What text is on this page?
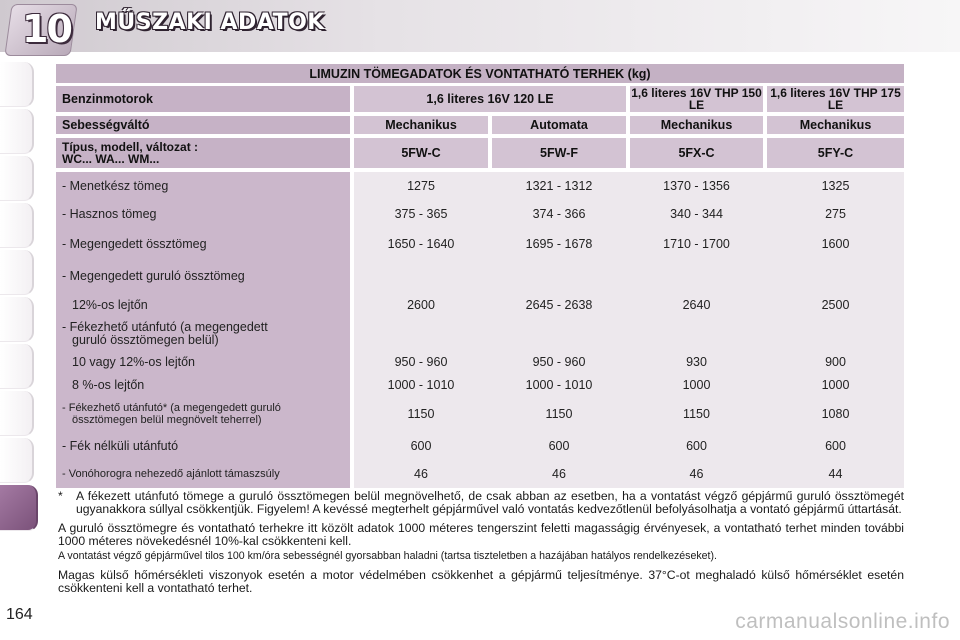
10 MŰSZAKI ADATOK
164
LIMUZIN TÖMEGADATOK ÉS VONTATHATÓ TERHEK (kg)				
Benzinmotorok	1,6 literes 16V 120 LE		1,6 literes 16V THP 150 LE	1,6 literes 16V THP 175 LE
Sebességváltó	Mechanikus	Automata	Mechanikus	Mechanikus
Típus, modell, változat :
WC... WA... WM...	5FW-C	5FW-F	5FX-C	5FY-C
- Menetkész tömeg	1275	1321 - 1312	1370 - 1356	1325
- Hasznos tömeg	375 - 365	374 - 366	340 - 344	275
- Megengedett össztömeg	1650 - 1640	1695 - 1678	1710 - 1700	1600
- Megengedett guruló össztömeg				
12%-os lejtőn	2600	2645 - 2638	2640	2500
- Fékezhető utánfutó (a megengedett
guruló össztömegen belül)				

10 vagy 12%-os lejtőn	950 - 960	950 - 960	930	900
8 %-os lejtőn	1000 - 1010	1000 - 1010	1000	1000
- Fékezhető utánfutó* (a megengedett guruló
össztömegen belül megnövelt teherrel)	1150	1150	1150	1080
- Fék nélküli utánfutó	600	600	600	600
- Vonóhorogra nehezedő ajánlott támaszsúly	46	46	46	44

*	A fékezett utánfutó tömege a guruló össztömegen belül megnövelhető, de csak abban az esetben, ha a vontatást végző gépjármű guruló össztömegét ugyanakkora súllyal csökkentjük. Figyelem! A kevéssé megterhelt gépjárművel való vontatás kedvezőtlenül befolyásolhatja a vontató gépjármű úttartását.

A guruló össztömegre és vontatható terhekre itt közölt adatok 1000 méteres tengerszint feletti magasságig érvényesek, a vontatható terhet minden további 1000 méteres növekedésnél 10%-kal csökkenteni kell.

A vontatást végző gépjárművel tilos 100 km/óra sebességnél gyorsabban haladni (tartsa tiszteletben a hazájában hatályos rendelkezéseket).

Magas külső hőmérsékleti viszonyok esetén a motor védelmében csökkenhet a gépjármű teljesítménye. 37°C-ot meghaladó külső hőmérséklet esetén csökkenteni kell a vontatható terhet.

carmanualsonline.info
